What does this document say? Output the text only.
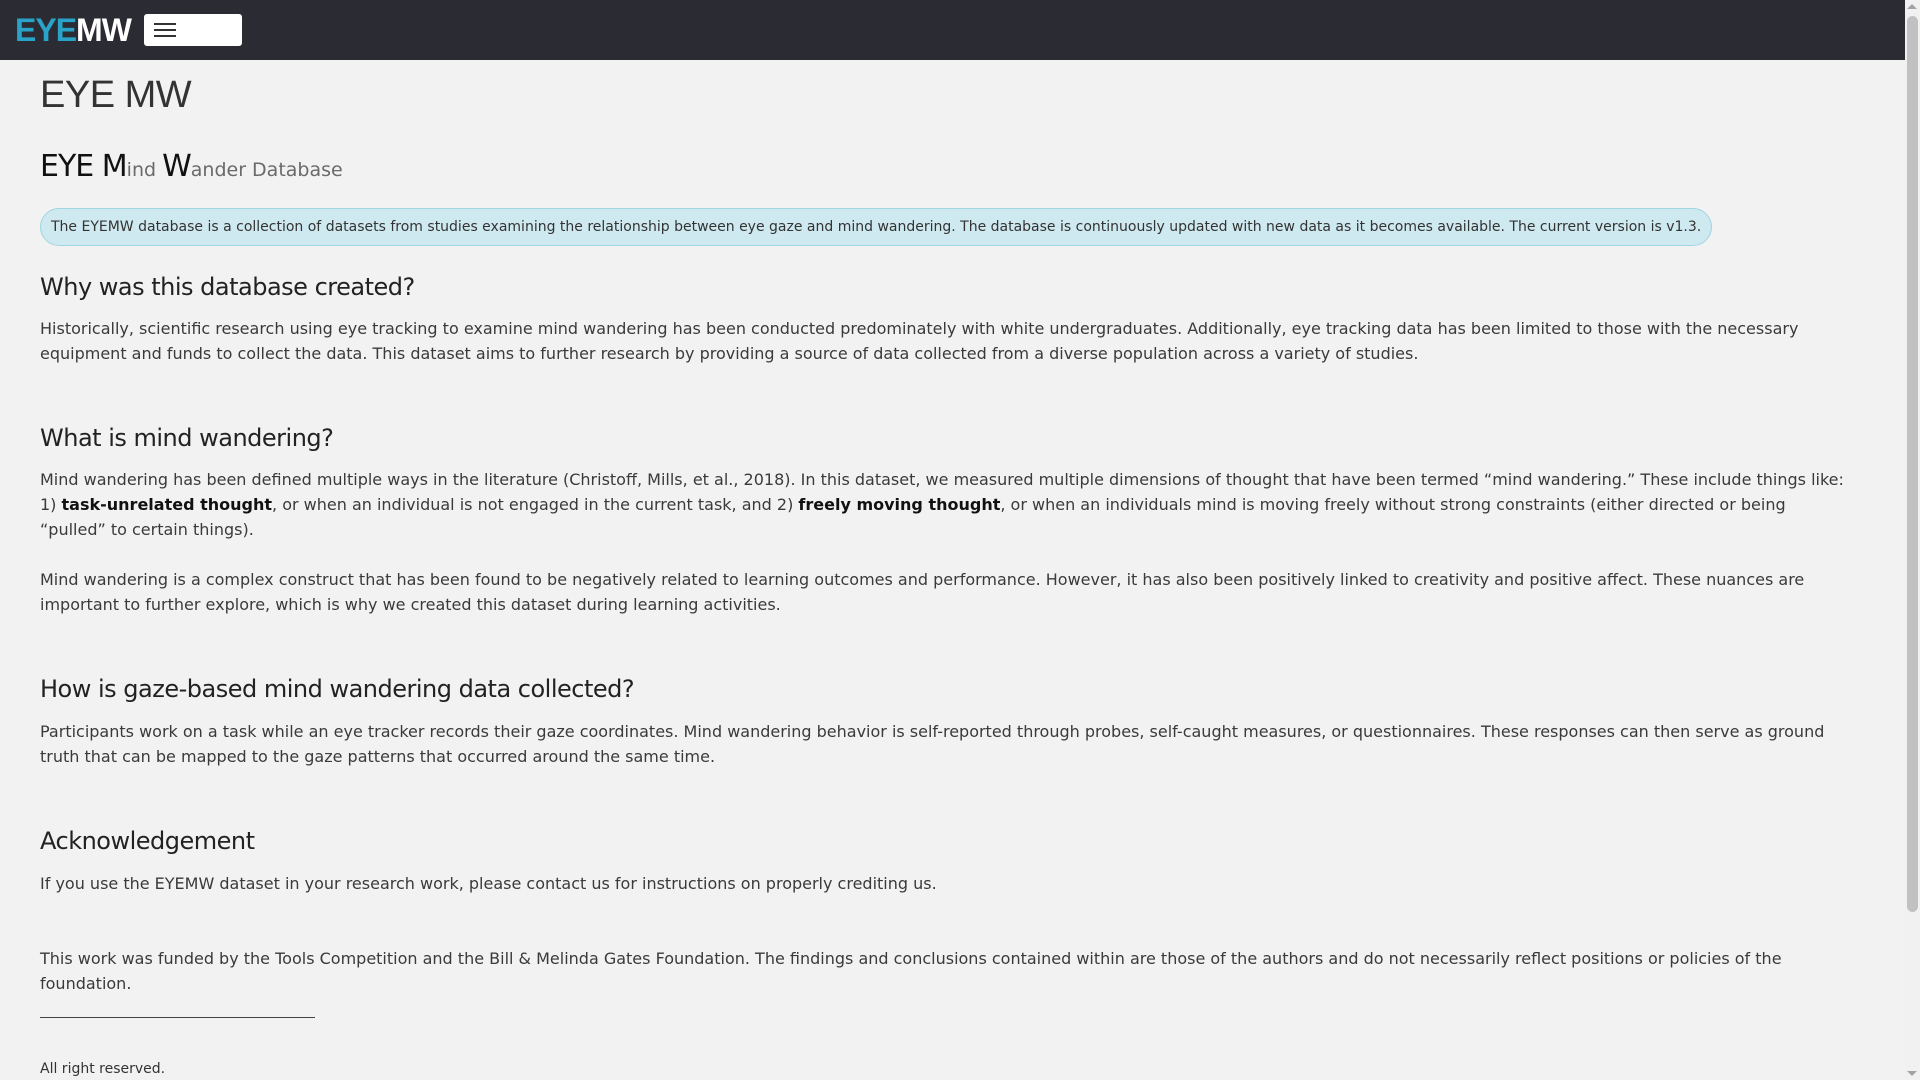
EYEMW
EYE MW
EYE Mind Wander Database
The EYEMW database is a collection of datasets from studies examining the relationship between eye gaze and mind wandering. The database is continuously updated with new data as it becomes available. The current version is v1.3.
Why was this database created?

Historically, scientific research using eye tracking to examine mind wandering has been conducted predominately with white undergraduates. Additionally, eye tracking data has been limited to those with the necessary equipment and funds to collect the data. This dataset aims to further research by providing a source of data collected from a diverse population across a variety of studies.

What is mind wandering?

Mind wandering has been defined multiple ways in the literature (Christoff, Mills, et al., 2018). In this dataset, we measured multiple dimensions of thought that have been termed “mind wandering.” These include things like: 1) task-unrelated thought, or when an individual is not engaged in the current task, and 2) freely moving thought, or when an individuals mind is moving freely without strong constraints (either directed or being “pulled” to certain things).

Mind wandering is a complex construct that has been found to be negatively related to learning outcomes and performance. However, it has also been positively linked to creativity and positive affect. These nuances are important to further explore, which is why we created this dataset during learning activities.

How is gaze-based mind wandering data collected?

Participants work on a task while an eye tracker records their gaze coordinates. Mind wandering behavior is self-reported through probes, self-caught measures, or questionnaires. These responses can then serve as ground truth that can be mapped to the gaze patterns that occurred around the same time.

Acknowledgement

If you use the EYEMW dataset in your research work, please contact us for instructions on properly crediting us.

This work was funded by the Tools Competition and the Bill & Melinda Gates Foundation. The findings and conclusions contained within are those of the authors and do not necessarily reflect positions or policies of the foundation.

All right reserved.
